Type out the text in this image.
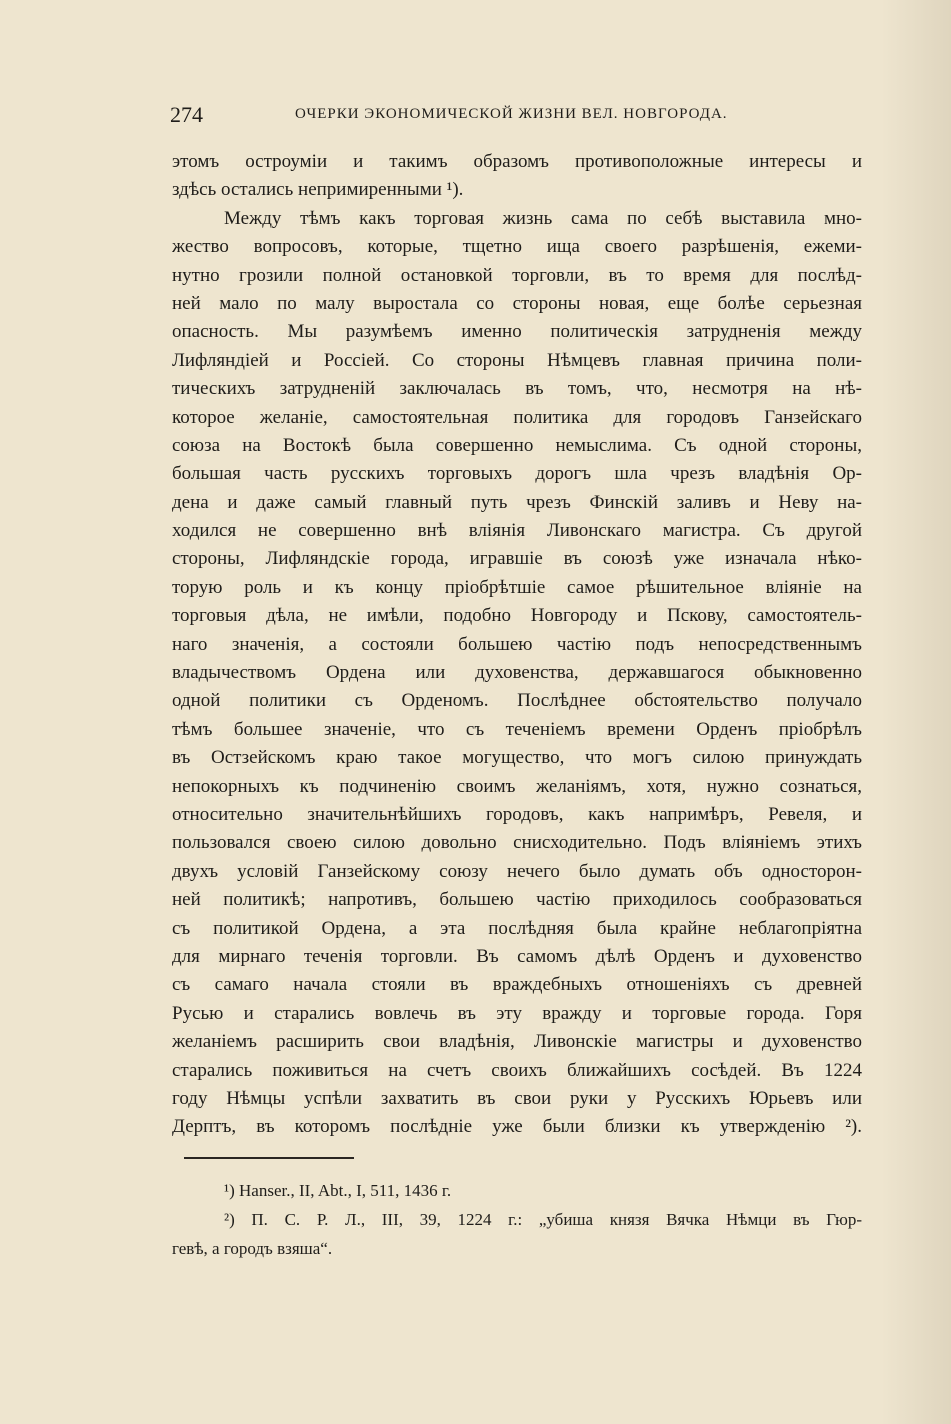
274	ОЧЕРКИ ЭКОНОМИЧЕСКОЙ ЖИЗНИ ВЕЛ. НОВГОРОДА.
этомъ остроумiи и такимъ образомъ противоположные интересы и
здѣсь остались непримиренными ¹).
Между тѣмъ какъ торговая жизнь сама по себѣ выставила мно-
жество вопросовъ, которые, тщетно ища своего разрѣшенiя, ежеми-
нутно грозили полной остановкой торговли, въ то время для послѣд-
ней мало по малу выростала со стороны новая, еще болѣе серьезная
опасность. Мы разумѣемъ именно политическiя затрудненiя между
Лифляндiей и Россiей. Со стороны Нѣмцевъ главная причина поли-
тическихъ затрудненiй заключалась въ томъ, что, несмотря на нѣ-
которое желанiе, самостоятельная политика для городовъ Ганзейскаго
союза на Востокѣ была совершенно немыслима. Съ одной стороны,
большая часть русскихъ торговыхъ дорогъ шла чрезъ владѣнiя Ор-
дена и даже самый главный путь чрезъ Финскiй заливъ и Неву на-
ходился не совершенно внѣ влiянiя Ливонскаго магистра. Съ другой
стороны, Лифляндскiе города, игравшiе въ союзѣ уже изначала нѣко-
торую роль и къ концу прiобрѣтшiе самое рѣшительное влiянiе на
торговыя дѣла, не имѣли, подобно Новгороду и Пскову, самостоятель-
наго значенiя, а состояли большею частiю подъ непосредственнымъ
владычествомъ Ордена или духовенства, державшагося обыкновенно
одной политики съ Орденомъ. Послѣднее обстоятельство получало
тѣмъ большее значенiе, что съ теченiемъ времени Орденъ прiобрѣлъ
въ Остзейскомъ краю такое могущество, что могъ силою принуждать
непокорныхъ къ подчиненiю своимъ желанiямъ, хотя, нужно сознаться,
относительно значительнѣйшихъ городовъ, какъ напримѣръ, Ревеля, и
пользовался своею силою довольно снисходительно. Подъ влiянiемъ этихъ
двухъ условiй Ганзейскому союзу нечего было думать объ односторон-
ней политикѣ; напротивъ, большею частiю приходилось сообразоваться
съ политикой Ордена, а эта послѣдняя была крайне неблагопрiятна
для мирнаго теченiя торговли. Въ самомъ дѣлѣ Орденъ и духовенство
съ самаго начала стояли въ враждебныхъ отношенiяхъ съ древней
Русью и старались вовлечь въ эту вражду и торговые города. Горя
желанiемъ расширить свои владѣнiя, Ливонскiе магистры и духовенство
старались поживиться на счетъ своихъ ближайшихъ сосѣдей. Въ 1224
году Нѣмцы успѣли захватить въ свои руки у Русскихъ Юрьевъ или
Дерптъ, въ которомъ послѣднiе уже были близки къ утвержденiю ²).
¹) Hanser., II, Abt., I, 511, 1436 г.
²) П. С. Р. Л., III, 39, 1224 г.: „убиша князя Вячка Нѣмци въ Гюр-
гевѣ, а городъ взяша“.
